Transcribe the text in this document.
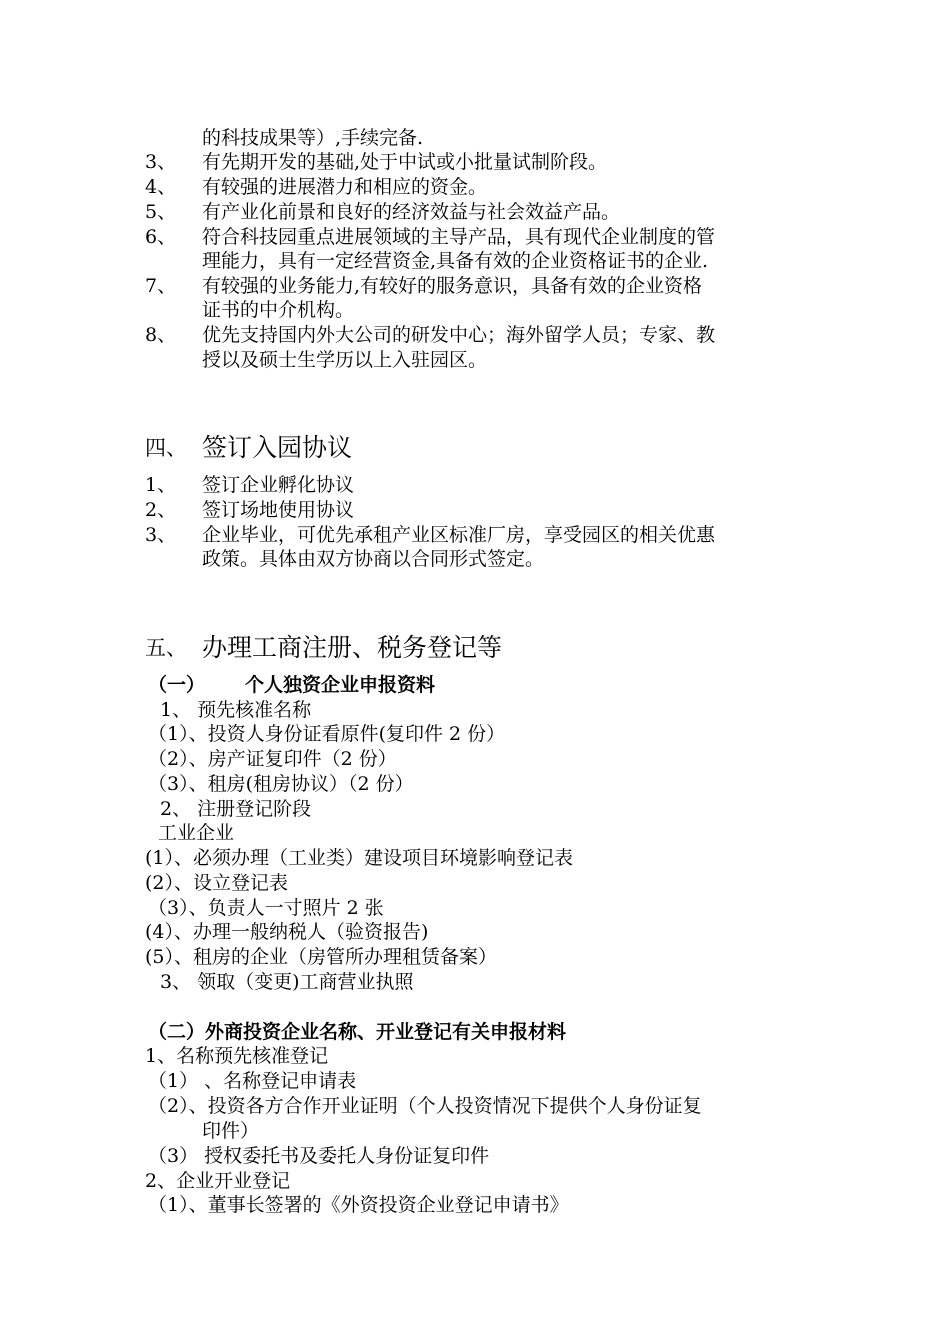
的科技成果等）,手续完备.
3、 有先期开发的基础,处于中试或小批量试制阶段。
4、 有较强的进展潜力和相应的资金。
5、 有产业化前景和良好的经济效益与社会效益产品。
6、 符合科技园重点进展领域的主导产品，具有现代企业制度的管
理能力，具有一定经营资金,具备有效的企业资格证书的企业.
7、 有较强的业务能力,有较好的服务意识，具备有效的企业资格
证书的中介机构。
8、 优先支持国内外大公司的研发中心；海外留学人员；专家、教
授以及硕士生学历以上入驻园区。
四、 签订入园协议
1、 签订企业孵化协议
2、 签订场地使用协议
3、 企业毕业，可优先承租产业区标准厂房，享受园区的相关优惠
政策。具体由双方协商以合同形式签定。
五、 办理工商注册、税务登记等
（一） 个人独资企业申报资料
1、 预先核准名称
（1）、投资人身份证看原件(复印件 2 份）
（2）、房产证复印件（2 份）
（3）、租房(租房协议）（2 份）
2、 注册登记阶段
工业企业
(1）、必须办理（工业类）建设项目环境影响登记表
(2）、设立登记表
（3）、负责人一寸照片 2 张
(4）、办理一般纳税人（验资报告)
(5）、租房的企业（房管所办理租赁备案）
3、 领取（变更)工商营业执照
（二）外商投资企业名称、开业登记有关申报材料
1、名称预先核准登记
（1） 、名称登记申请表
（2）、投资各方合作开业证明（个人投资情况下提供个人身份证复
印件）
（3） 授权委托书及委托人身份证复印件
2、企业开业登记
（1）、董事长签署的《外资投资企业登记申请书》
